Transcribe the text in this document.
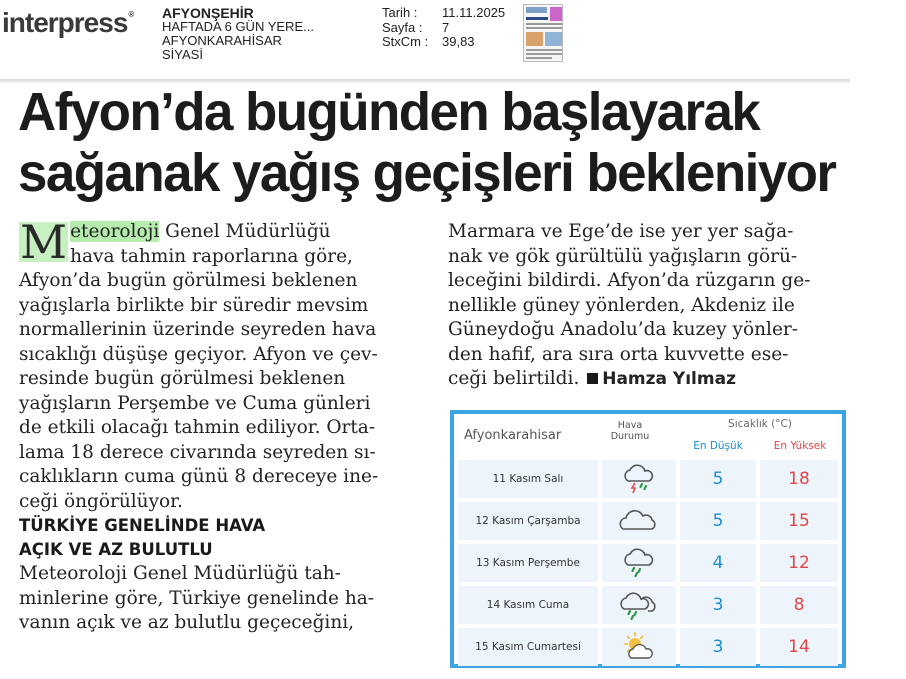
interpress® AFYONŞEHİR
HAFTADA 6 GÜN YERE...
AFYONKARAHİSAR
SİYASİ
Tarih :	11.11.2025
Sayfa :	7
StxCm :	39,83
Afyon’da bugünden başlayarak
sağanak yağış geçişleri bekleniyor
M eteoroloji Genel Müdürlüğü
hava tahmin raporlarına göre,
Afyon’da bugün görülmesi beklenen
yağışlarla birlikte bir süredir mevsim
normallerinin üzerinde seyreden hava
sıcaklığı düşüşe geçiyor. Afyon ve çev-
resinde bugün görülmesi beklenen
yağışların Perşembe ve Cuma günleri
de etkili olacağı tahmin ediliyor. Orta-
lama 18 derece civarında seyreden sı-
caklıkların cuma günü 8 dereceye ine-
ceği öngörülüyor.
TÜRKİYE GENELİNDE HAVA
AÇIK VE AZ BULUTLU
Meteoroloji Genel Müdürlüğü tah-
minlerine göre, Türkiye genelinde ha-
vanın açık ve az bulutlu geçeceğini,
Marmara ve Ege’de ise yer yer sağa-
nak ve gök gürültülü yağışların görü-
leceğini bildirdi. Afyon’da rüzgarın ge-
nellikle güney yönlerden, Akdeniz ile
Güneydoğu Anadolu’da kuzey yönler-
den hafif, ara sıra orta kuvvette ese-
ceği belirtildi. Hamza Yılmaz
Afyonkarahisar
Hava
Durumu
Sıcaklık (°C)
En Düşük	En Yüksek
11 Kasım Salı	5	18
12 Kasım Çarşamba	5	15
13 Kasım Perşembe	4	12
14 Kasım Cuma	3	8
15 Kasım Cumartesi	3	14
